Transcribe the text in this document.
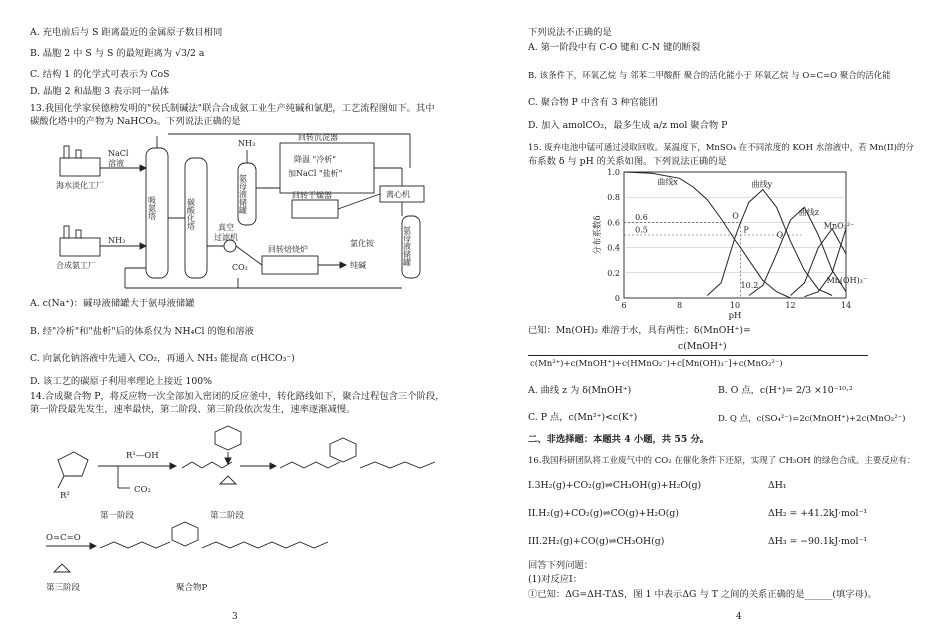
A. 充电前后与 S 距离最近的金属原子数目相同
B. 晶胞 2 中 S 与 S 的最短距离为 √3/2 a
C. 结构 1 的化学式可表示为 CoS
D. 晶胞 2 和晶胞 3 表示同一晶体
13.我国化学家侯德榜发明的"侯氏制碱法"联合合成氨工业生产纯碱和氯肥，工艺流程图如下。其中
碳酸化塔中的产物为 NaHCO₃。下列说法正确的是
海水淡化工厂
合成氨工厂
NaCl
溶液
NH₃
吸氨塔	碳酸化塔
NH₃
氨母液储罐
真空
过滤机
CO₂
回转沉淀器
降温 "冷析"
加NaCl "盐析"
离心机
回转干燥器
氯化铵	氨母液储罐
回转焙烧炉
纯碱
A. c(Na⁺)：碱母液储罐大于氨母液储罐
B. 经"冷析"和"盐析"后的体系仅为 NH₄Cl 的饱和溶液
C. 向氯化钠溶液中先通入 CO₂，再通入 NH₃ 能提高 c(HCO₃⁻)
D. 该工艺的碳原子利用率理论上接近 100%
14.合成聚合物 P，将反应物一次全部加入密闭的反应釜中，转化路线如下，聚合过程包含三个阶段，
第一阶段最先发生，速率最快，第二阶段、第三阶段依次发生，速率逐渐减慢。
R¹—OH
CO₂
第一阶段	第二阶段
O=C=O
第三阶段	聚合物P
R²
3
下列说法不正确的是
A. 第一阶段中有 C-O 键和 C-N 键的断裂
B. 该条件下，环氧乙烷 与 邻苯二甲酸酐 聚合的活化能小于 环氧乙烷 与 O=C=O 聚合的活化能
C. 聚合物 P 中含有 3 种官能团
D. 加入 amolCO₂，最多生成 a/z mol 聚合物 P
15. 废弃电池中锰可通过浸取回收。某温度下，MnSO₄ 在不同浓度的 KOH 水溶液中，若 Mn(II)的分
布系数 δ 与 pH 的关系如图。下列说法正确的是
0
0.2
0.4
0.6
0.8
1.0
6	8	10	12	14
pH
分布系数δ
曲线x	曲线y
曲线z
MnO₂²⁻
Mn(OH)₃⁻
O
P
Q
10.2
0.6
0.5
已知：Mn(OH)₂ 难溶于水，具有两性；δ(MnOH⁺)=
c(MnOH⁺)
c(Mn²⁺)+c(MnOH⁺)+c(HMnO₂⁻)+c[Mn(OH)₃⁻]+c(MnO₂²⁻)
A. 曲线 z 为 δ(MnOH⁺)	B. O 点，c(H⁺)= 2/3 ×10⁻¹⁰·²
C. P 点，c(Mn²⁺)<c(K⁺)	D. Q 点，c(SO₄²⁻)=2c(MnOH⁺)+2c(MnO₂²⁻)
二、非选择题：本题共 4 小题，共 55 分。
16.我国科研团队将工业废气中的 CO₂ 在催化条件下还原，实现了 CH₃OH 的绿色合成。主要反应有：
I.3H₂(g)+CO₂(g)⇌CH₃OH(g)+H₂O(g)	ΔH₁
II.H₂(g)+CO₂(g)⇌CO(g)+H₂O(g)	ΔH₂ = +41.2kJ·mol⁻¹
III.2H₂(g)+CO(g)⇌CH₃OH(g)	ΔH₃ = −90.1kJ·mol⁻¹
回答下列问题：
(1)对反应I：
①已知：ΔG=ΔH-TΔS，图 1 中表示ΔG 与 T 之间的关系正确的是______(填字母)。
4
